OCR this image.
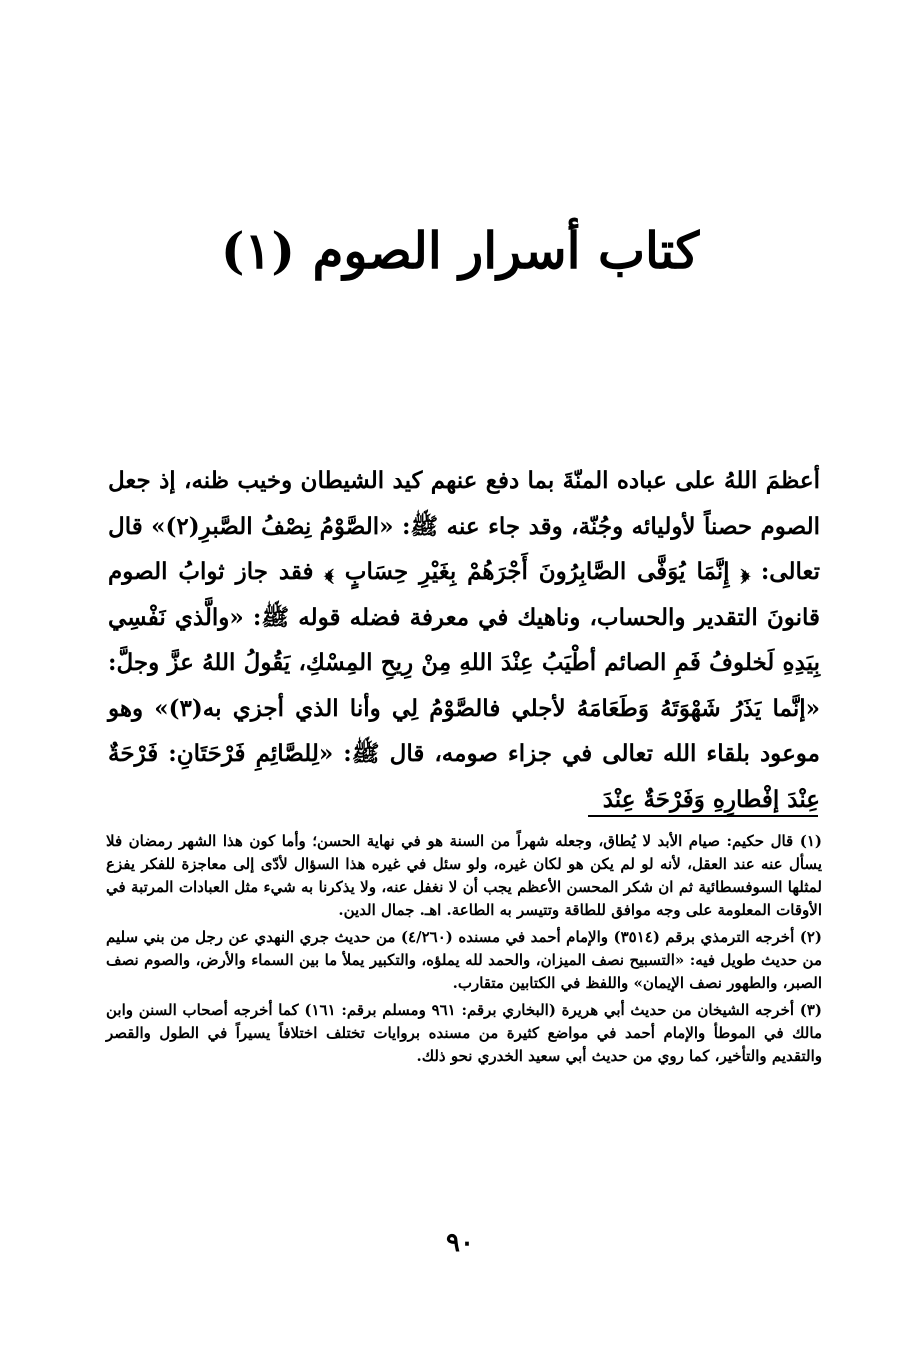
كتاب أسرار الصوم (١)
أعظمَ اللهُ على عباده المنّةَ بما دفع عنهم كيد الشيطان وخيب ظنه، إذ جعل الصوم حصناً لأوليائه وجُنّة، وقد جاء عنه ﷺ: «الصَّوْمُ نِصْفُ الصَّبرِ(٢)» قال تعالى: ﴿ إِنَّمَا يُوَفَّى الصَّابِرُونَ أَجْرَهُمْ بِغَيْرِ حِسَابٍ ﴾ فقد جاز ثوابُ الصوم قانونَ التقدير والحساب، وناهيك في معرفة فضله قوله ﷺ: «والَّذي نَفْسِي بِيَدِهِ لَخلوفُ فَمِ الصائم أطْيَبُ عِنْدَ اللهِ مِنْ رِيحِ المِسْكِ، يَقُولُ اللهُ عزَّ وجلَّ: «إنَّما يَذَرُ شَهْوَتَهُ وَطَعَامَهُ لأجلي فالصَّوْمُ لِي وأنا الذي أجزي به(٣)» وهو موعود بلقاء الله تعالى في جزاء صومه، قال ﷺ: «لِلصَّائِمِ فَرْحَتَانِ: فَرْحَةٌ عِنْدَ إفْطارِهِ وَفَرْحَةٌ عِنْدَ

(١) قال حكيم: صيام الأبد لا يُطاق، وجعله شهراً من السنة هو في نهاية الحسن؛ وأما كون هذا الشهر رمضان فلا يسأل عنه عند العقل، لأنه لو لم يكن هو لكان غيره، ولو سئل في غيره هذا السؤال لأدّى إلى معاجزة للفكر يفزع لمثلها السوفسطائية ثم ان شكر المحسن الأعظم يجب أن لا نغفل عنه، ولا يذكرنا به شيء مثل العبادات المرتبة في الأوقات المعلومة على وجه موافق للطاقة وتتيسر به الطاعة. اهـ. جمال الدين.

(٢) أخرجه الترمذي برقم (٣٥١٤) والإمام أحمد في مسنده (٤/٢٦٠) من حديث جري النهدي عن رجل من بني سليم من حديث طويل فيه: «التسبيح نصف الميزان، والحمد لله يملؤه، والتكبير يملأ ما بين السماء والأرض، والصوم نصف الصبر، والطهور نصف الإيمان» واللفظ في الكتابين متقارب.

(٣) أخرجه الشيخان من حديث أبي هريرة (البخاري برقم: ٩٦١ ومسلم برقم: ١٦١) كما أخرجه أصحاب السنن وابن مالك في الموطأ والإمام أحمد في مواضع كثيرة من مسنده بروايات تختلف اختلافاً يسيراً في الطول والقصر والتقديم والتأخير، كما روي من حديث أبي سعيد الخدري نحو ذلك.

٩٠
